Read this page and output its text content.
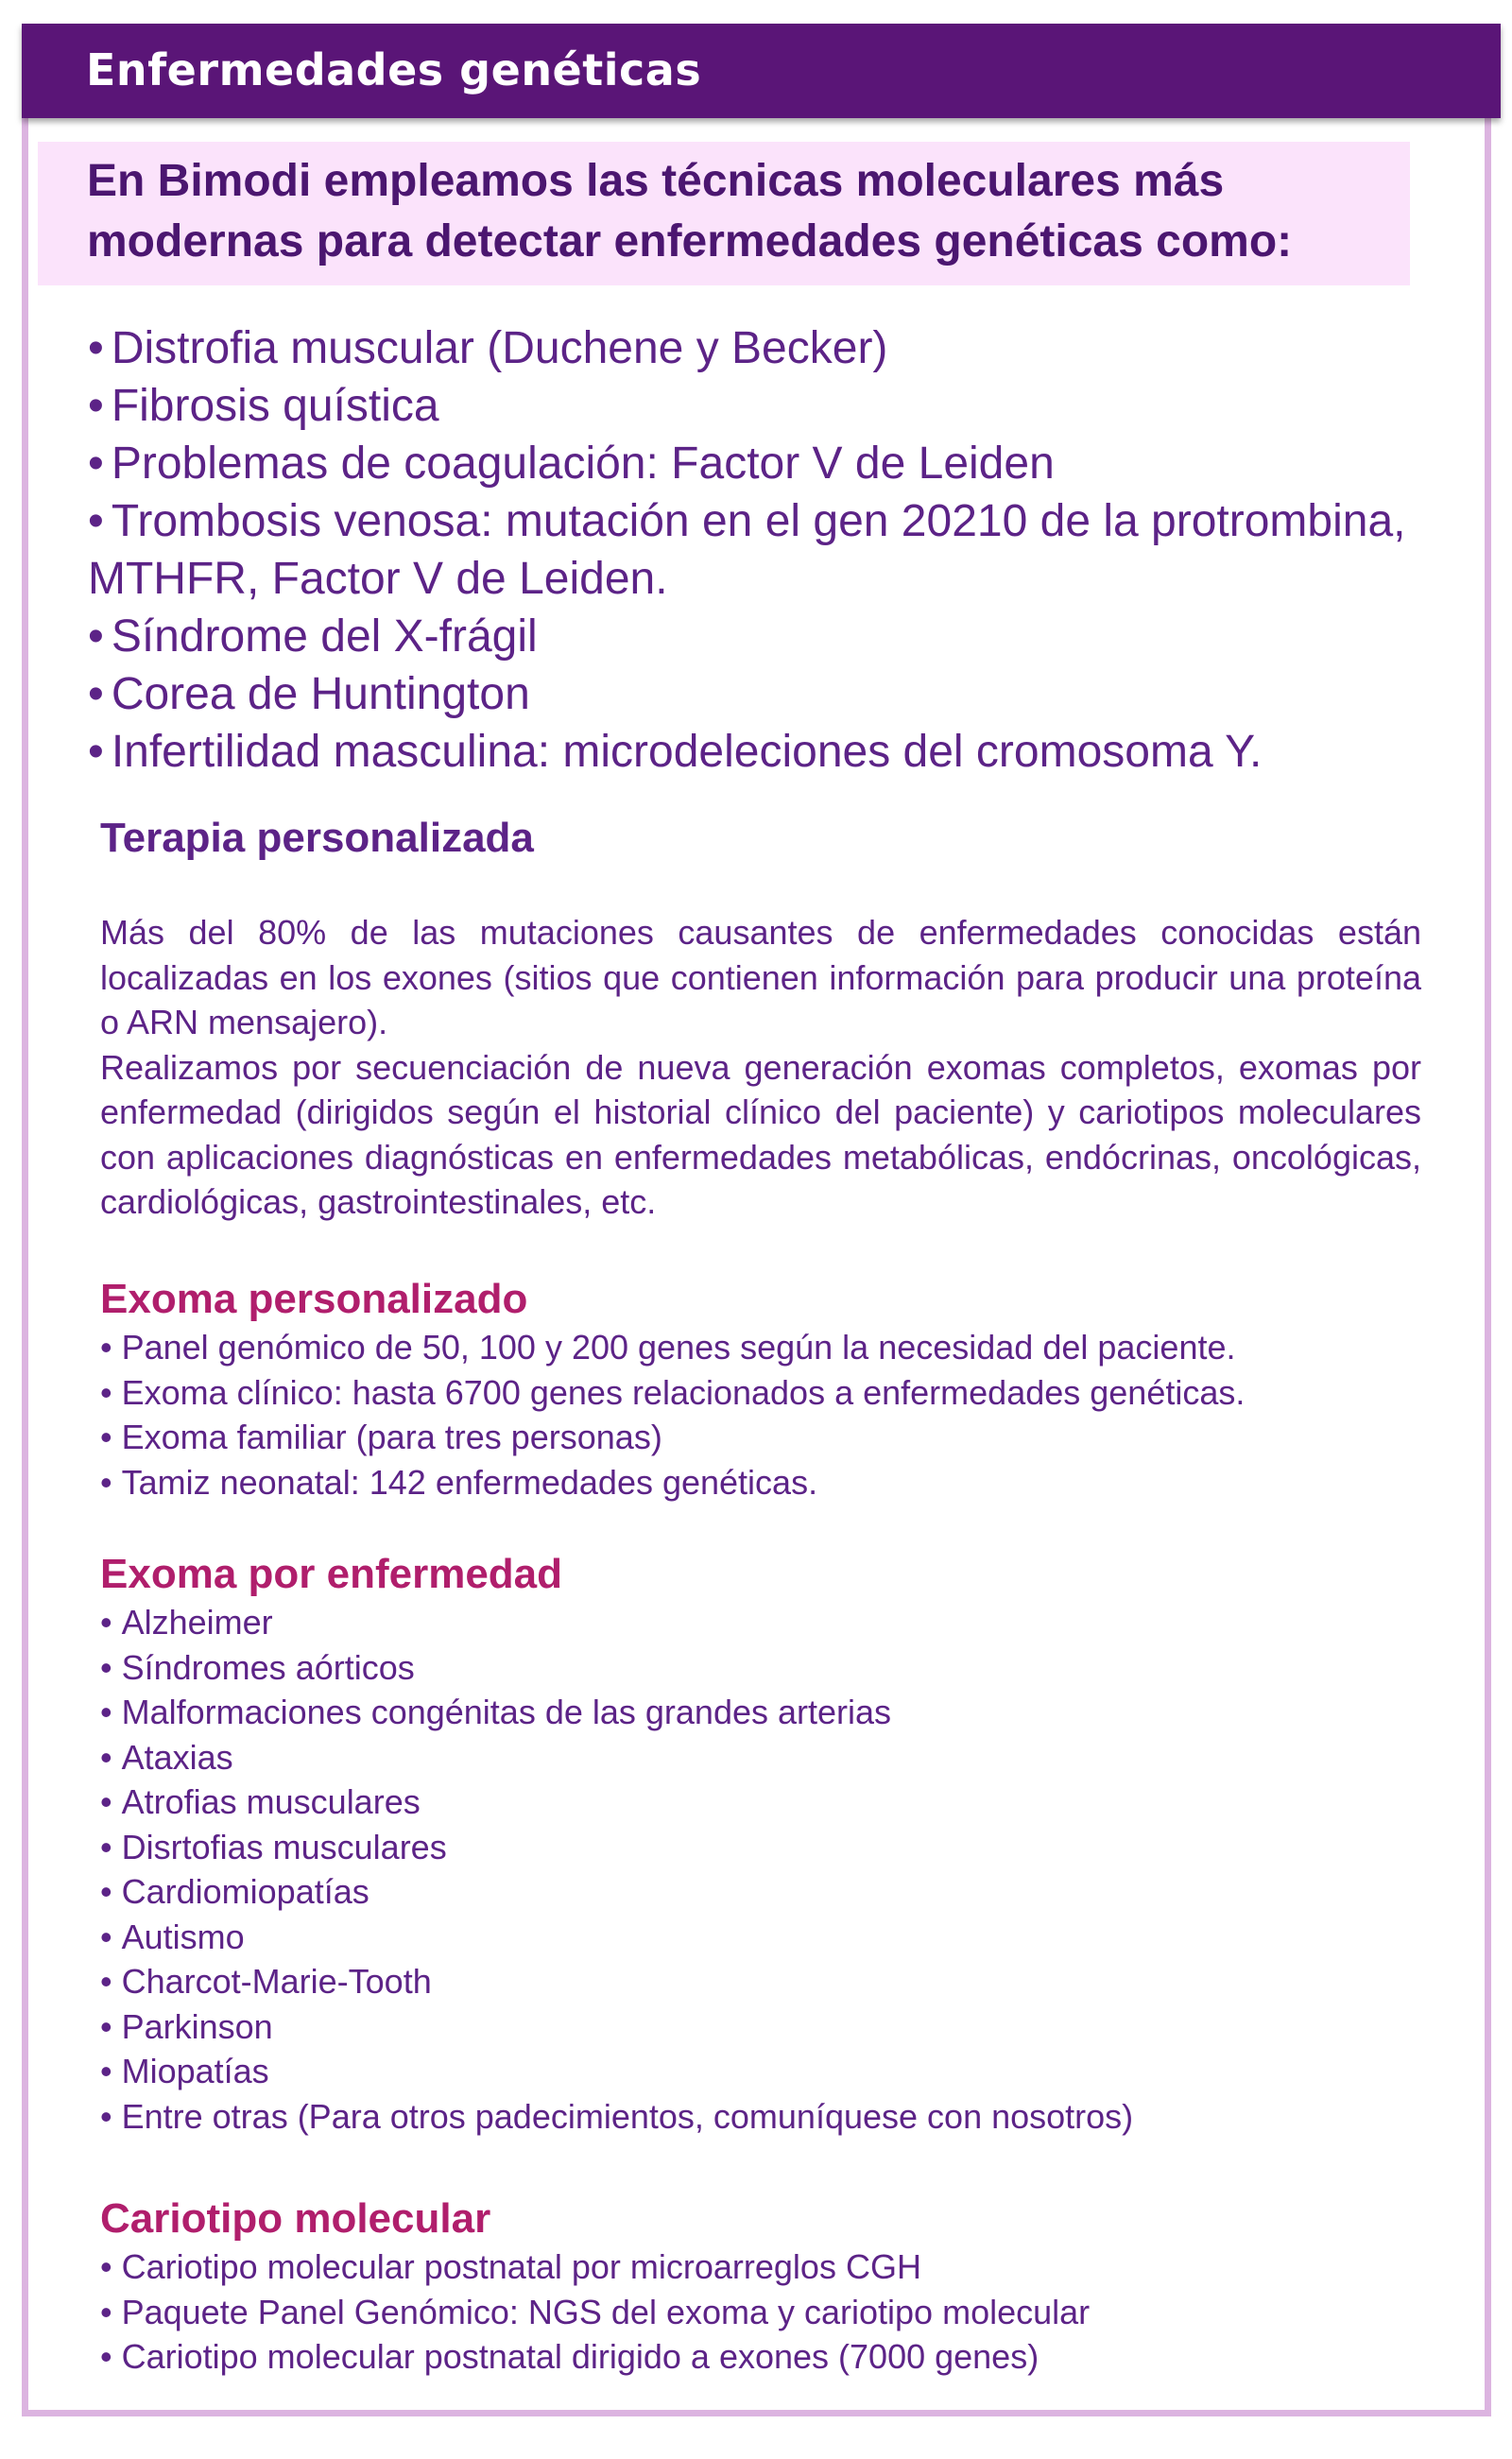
Enfermedades genéticas
En Bimodi empleamos las técnicas moleculares más modernas para detectar enfermedades genéticas como:
• Distrofia muscular (Duchene y Becker)
• Fibrosis quística
• Problemas de coagulación: Factor V de Leiden
• Trombosis venosa: mutación en el gen 20210 de la protrombina, MTHFR, Factor V de Leiden.
• Síndrome del X-frágil
• Corea de Huntington
• Infertilidad masculina: microdeleciones del cromosoma Y.
Terapia personalizada

Más del 80% de las mutaciones causantes de enfermedades conocidas están localizadas en los exones (sitios que contienen información para producir una proteína o ARN mensajero).

Realizamos por secuenciación de nueva generación exomas completos, exomas por enfermedad (dirigidos según el historial clínico del paciente) y cariotipos moleculares con aplicaciones diagnósticas en enfermedades metabólicas, endócrinas, oncológicas, cardiológicas, gastrointestinales, etc.

Exoma personalizado
• Panel genómico de 50, 100 y 200 genes según la necesidad del paciente.
• Exoma clínico: hasta 6700 genes relacionados a enfermedades genéticas.
• Exoma familiar (para tres personas)
• Tamiz neonatal: 142 enfermedades genéticas.
Exoma por enfermedad
• Alzheimer
• Síndromes aórticos
• Malformaciones congénitas de las grandes arterias
• Ataxias
• Atrofias musculares
• Disrtofias musculares
• Cardiomiopatías
• Autismo
• Charcot-Marie-Tooth
• Parkinson
• Miopatías
• Entre otras (Para otros padecimientos, comuníquese con nosotros)
Cariotipo molecular
• Cariotipo molecular postnatal por microarreglos CGH
• Paquete Panel Genómico: NGS del exoma y cariotipo molecular
• Cariotipo molecular postnatal dirigido a exones (7000 genes)
